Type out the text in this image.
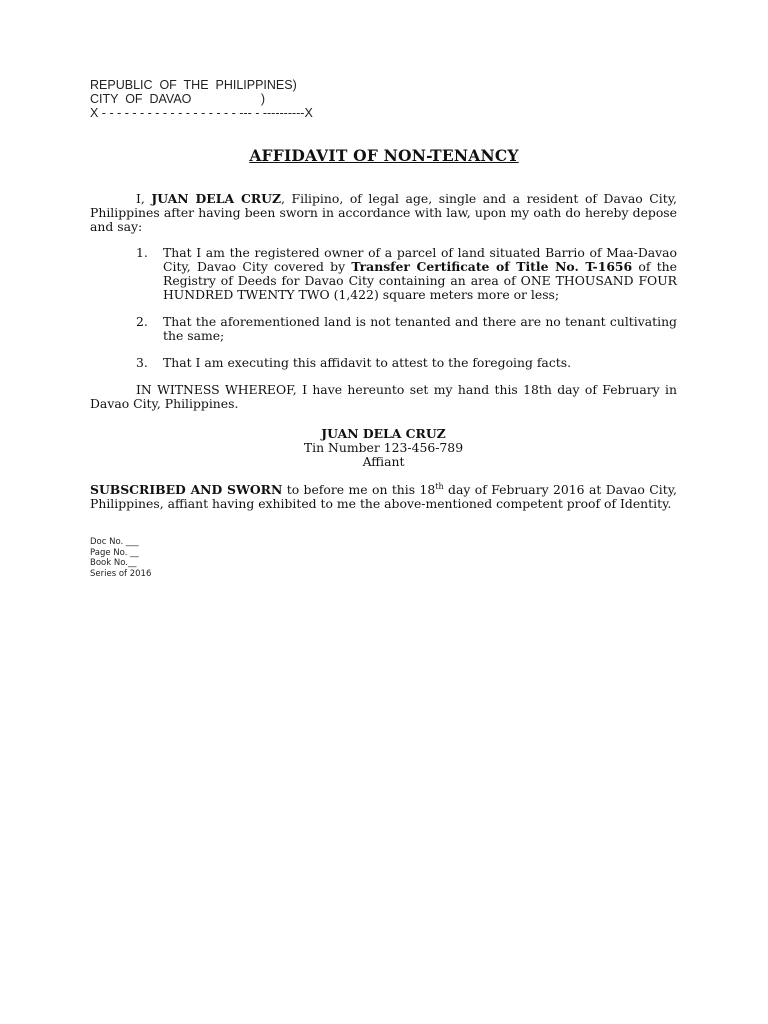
REPUBLIC  OF  THE  PHILIPPINES)
CITY  OF  DAVAO                    )
X - - - - - - - - - - - - - - - - - - --- - ----------X
AFFIDAVIT OF NON-TENANCY

I, JUAN DELA CRUZ, Filipino, of legal age, single and a resident of Davao City, Philippines after having been sworn in accordance with law, upon my oath do hereby depose and say:

1. That I am the registered owner of a parcel of land situated Barrio of Maa-Davao City, Davao City covered by Transfer Certificate of Title No. T-1656 of the Registry of Deeds for Davao City containing an area of ONE THOUSAND FOUR HUNDRED TWENTY TWO (1,422) square meters more or less;
2. That the aforementioned land is not tenanted and there are no tenant cultivating the same;
3. That I am executing this affidavit to attest to the foregoing facts.

IN WITNESS WHEREOF, I have hereunto set my hand this 18th day of February in Davao City, Philippines.

JUAN DELA CRUZ
Tin Number 123-456-789
Affiant

SUBSCRIBED AND SWORN to before me on this 18th day of February 2016 at Davao City, Philippines, affiant having exhibited to me the above-mentioned competent proof of Identity.

Doc No. ___
Page No. __
Book No.__
Series of 2016
